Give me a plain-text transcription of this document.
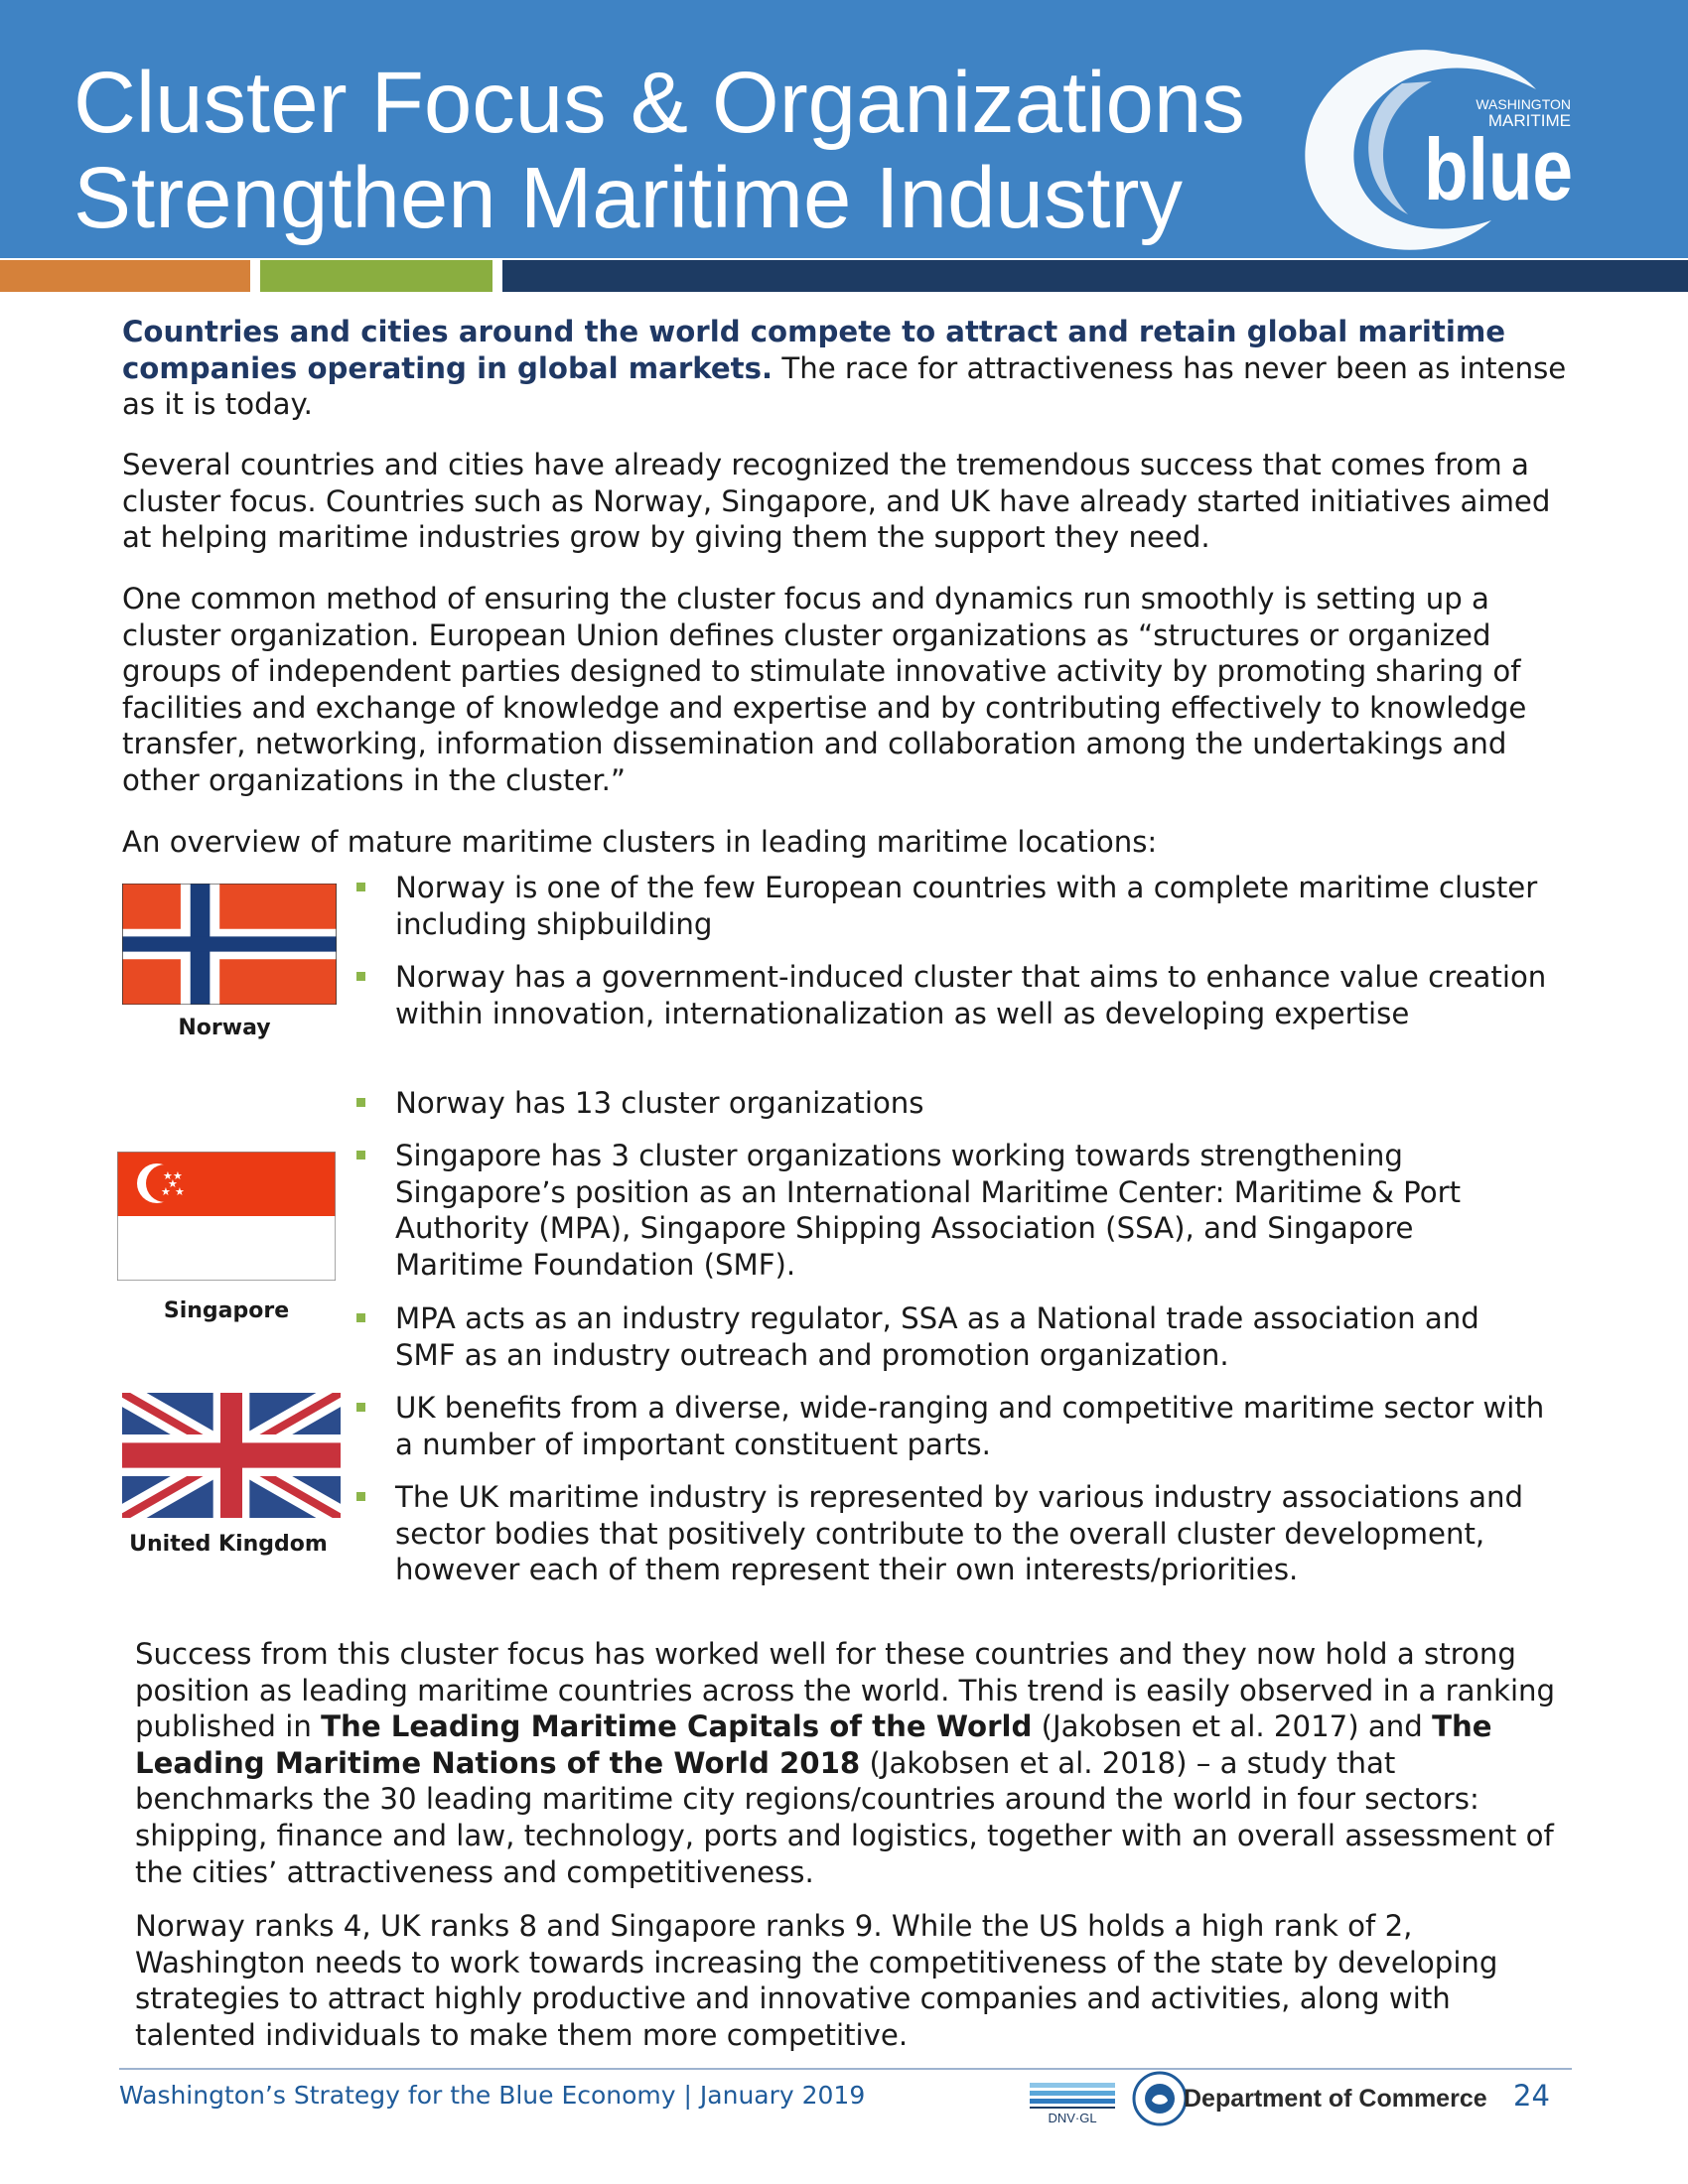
Cluster Focus & Organizations
Strengthen Maritime Industry
WASHINGTON
MARITIME
blue

Countries and cities around the world compete to attract and retain global maritime companies operating in global markets. The race for attractiveness has never been as intense as it is today.

Several countries and cities have already recognized the tremendous success that comes from a cluster focus. Countries such as Norway, Singapore, and UK have already started initiatives aimed at helping maritime industries grow by giving them the support they need.

One common method of ensuring the cluster focus and dynamics run smoothly is setting up a cluster organization. European Union defines cluster organizations as “structures or organized groups of independent parties designed to stimulate innovative activity by promoting sharing of facilities and exchange of knowledge and expertise and by contributing effectively to knowledge transfer, networking, information dissemination and collaboration among the undertakings and other organizations in the cluster.”

An overview of mature maritime clusters in leading maritime locations:

Norway
★ ★
★
★ ★
Singapore
United Kingdom
Norway is one of the few European countries with a complete maritime cluster including shipbuilding
Norway has a government-induced cluster that aims to enhance value creation within innovation, internationalization as well as developing expertise
Norway has 13 cluster organizations
Singapore has 3 cluster organizations working towards strengthening Singapore’s position as an International Maritime Center: Maritime & Port Authority (MPA), Singapore Shipping Association (SSA), and Singapore Maritime Foundation (SMF).
MPA acts as an industry regulator, SSA as a National trade association and SMF as an industry outreach and promotion organization.
UK benefits from a diverse, wide-ranging and competitive maritime sector with a number of important constituent parts.
The UK maritime industry is represented by various industry associations and sector bodies that positively contribute to the overall cluster development, however each of them represent their own interests/priorities.

Success from this cluster focus has worked well for these countries and they now hold a strong position as leading maritime countries across the world. This trend is easily observed in a ranking published in The Leading Maritime Capitals of the World (Jakobsen et al. 2017) and The Leading Maritime Nations of the World 2018 (Jakobsen et al. 2018) – a study that benchmarks the 30 leading maritime city regions/countries around the world in four sectors: shipping, finance and law, technology, ports and logistics, together with an overall assessment of the cities’ attractiveness and competitiveness.

Norway ranks 4, UK ranks 8 and Singapore ranks 9. While the US holds a high rank of 2, Washington needs to work towards increasing the competitiveness of the state by developing strategies to attract highly productive and innovative companies and activities, along with talented individuals to make them more competitive.

Washington’s Strategy for the Blue Economy | January 2019
DNV·GL
Department of Commerce 24
